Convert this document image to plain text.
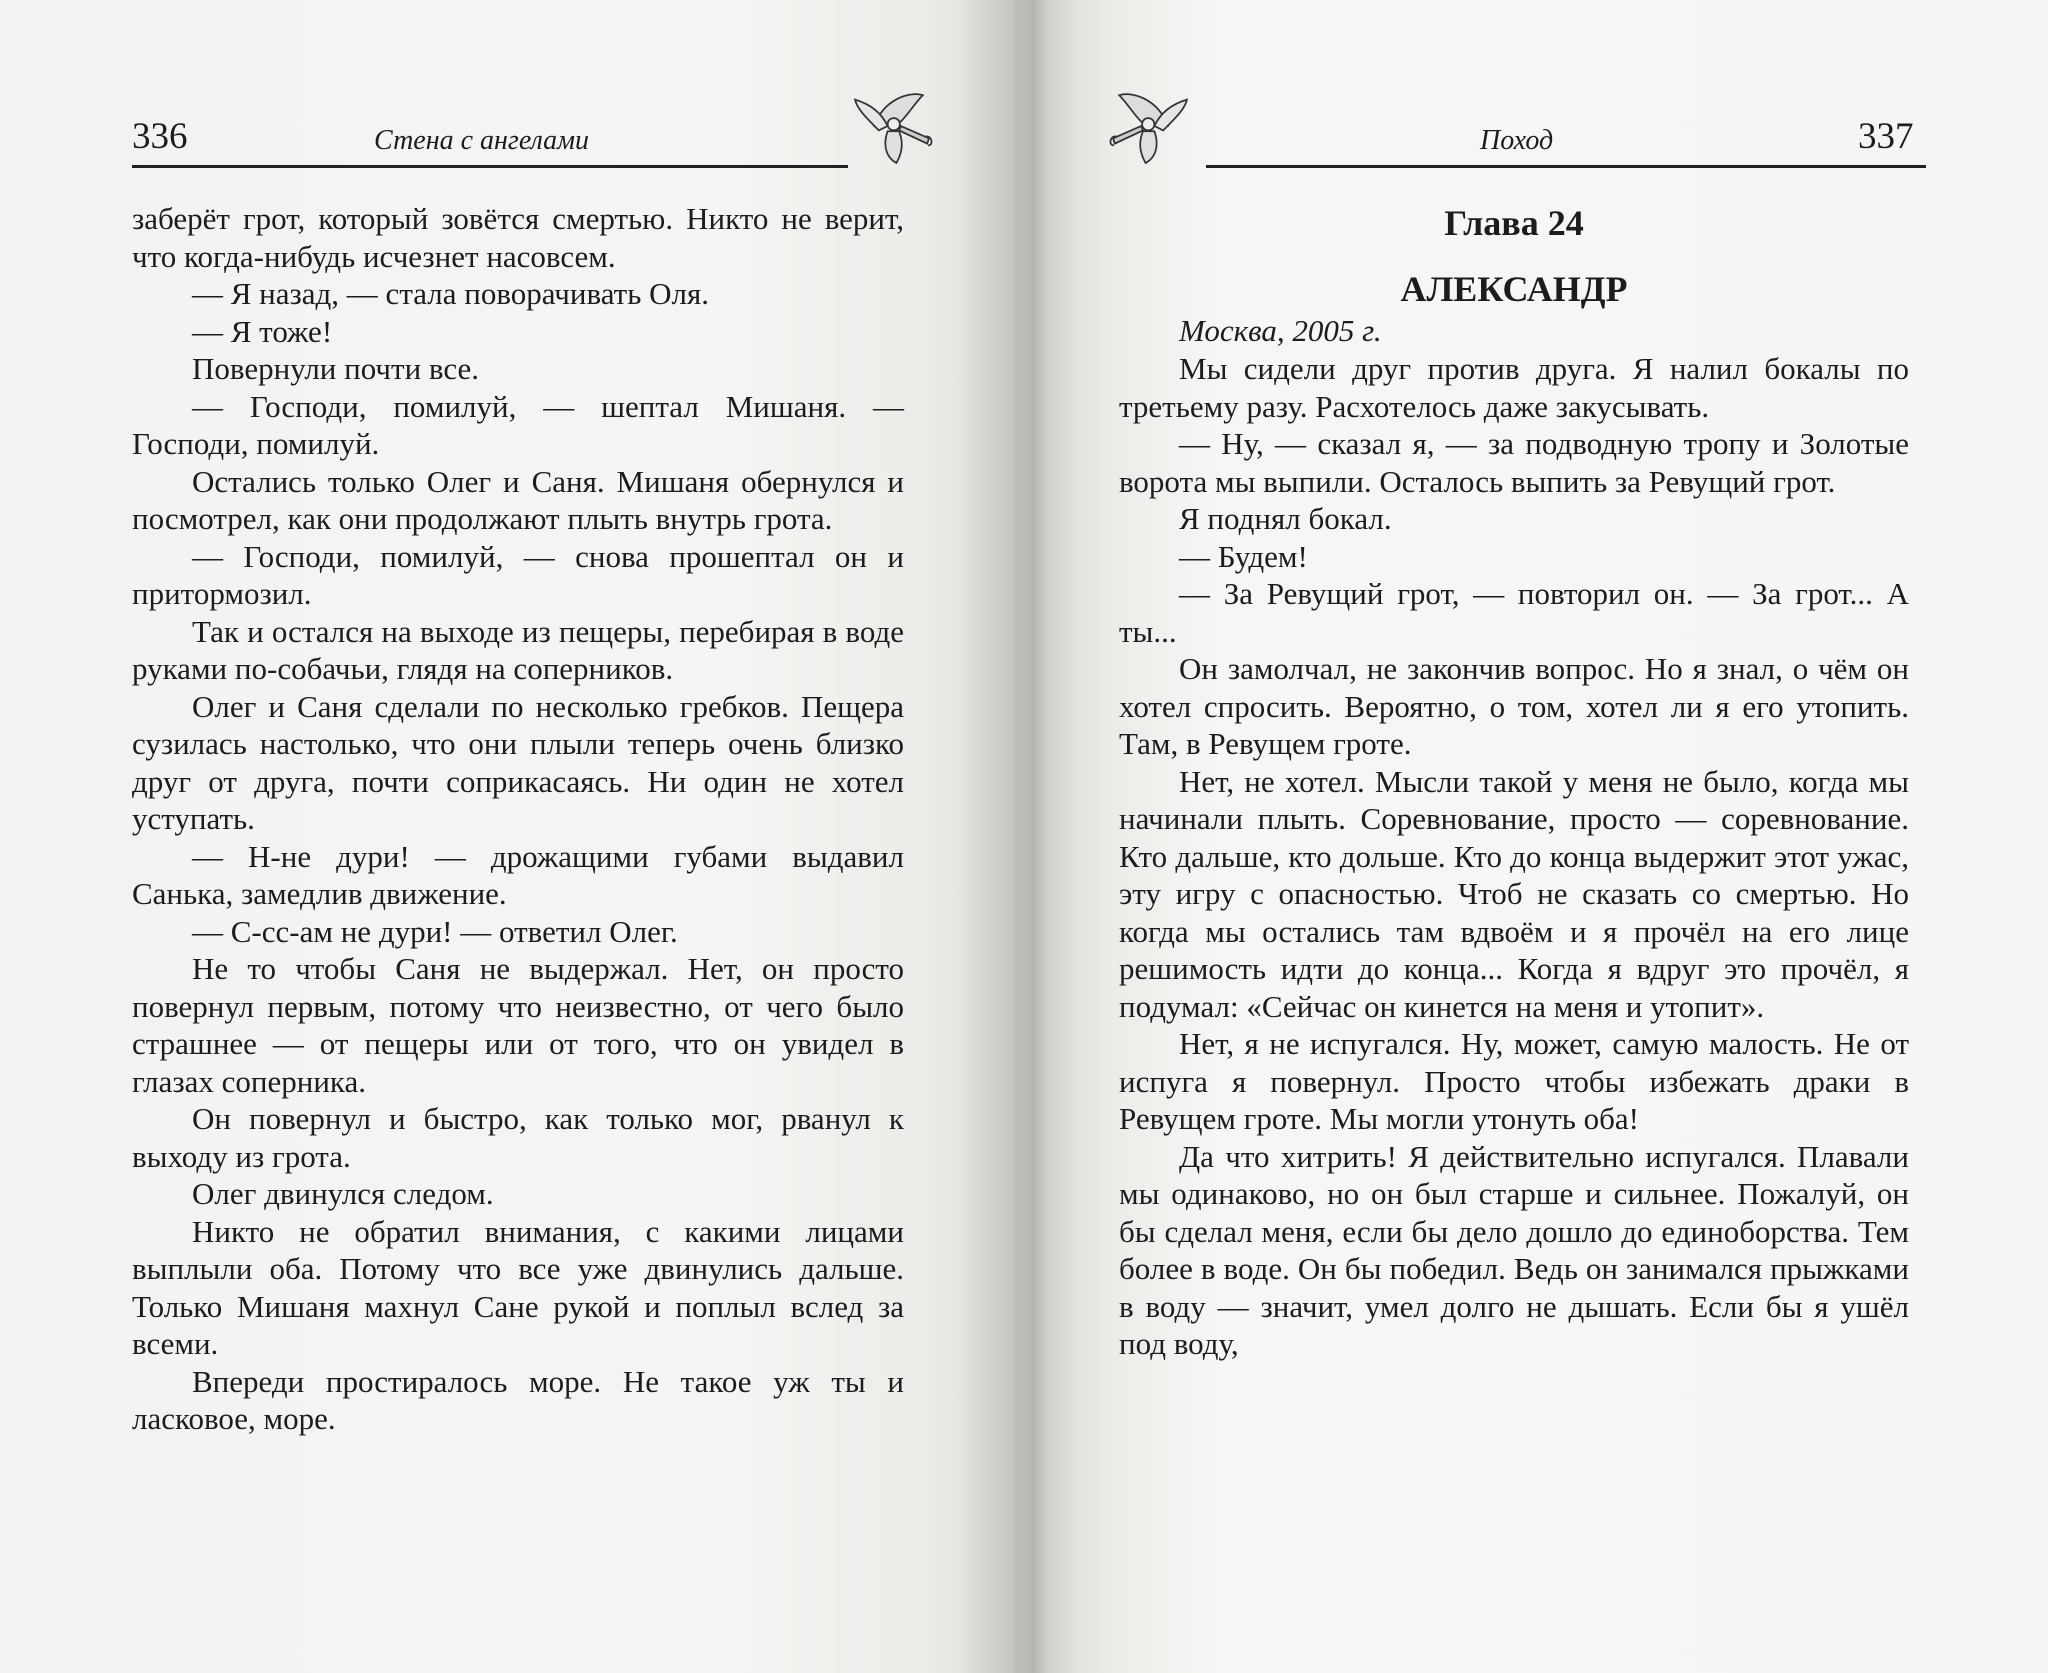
336	Стена с ангелами

заберёт грот, который зовётся смертью. Никто не верит, что когда-нибудь исчезнет насовсем.

— Я назад, — стала поворачивать Оля.

— Я тоже!

Повернули почти все.

— Господи, помилуй, — шептал Мишаня. — Господи, помилуй.

Остались только Олег и Саня. Мишаня обернулся и посмотрел, как они продолжают плыть внутрь грота.

— Господи, помилуй, — снова прошептал он и притормозил.

Так и остался на выходе из пещеры, перебирая в воде руками по-собачьи, глядя на соперников.

Олег и Саня сделали по несколько гребков. Пещера сузилась настолько, что они плыли теперь очень близко друг от друга, почти соприкасаясь. Ни один не хотел уступать.

— Н-не дури! — дрожащими губами выдавил Санька, замедлив движение.

— С-сс-ам не дури! — ответил Олег.

Не то чтобы Саня не выдержал. Нет, он просто повернул первым, потому что неизвестно, от чего было страшнее — от пещеры или от того, что он увидел в глазах соперника.

Он повернул и быстро, как только мог, рванул к выходу из грота.

Олег двинулся следом.

Никто не обратил внимания, с какими лицами выплыли оба. Потому что все уже двинулись дальше. Только Мишаня махнул Сане рукой и поплыл вслед за всеми.

Впереди простиралось море. Не такое уж ты и ласковое, море.

Поход	337
Глава 24
АЛЕКСАНДР

Москва, 2005 г.

Мы сидели друг против друга. Я налил бокалы по третьему разу. Расхотелось даже закусывать.

— Ну, — сказал я, — за подводную тропу и Золотые ворота мы выпили. Осталось выпить за Ревущий грот.

Я поднял бокал.

— Будем!

— За Ревущий грот, — повторил он. — За грот... А ты...

Он замолчал, не закончив вопрос. Но я знал, о чём он хотел спросить. Вероятно, о том, хотел ли я его утопить. Там, в Ревущем гроте.

Нет, не хотел. Мысли такой у меня не было, когда мы начинали плыть. Соревнование, просто — соревнование. Кто дальше, кто дольше. Кто до конца выдержит этот ужас, эту игру с опасностью. Чтоб не сказать со смертью. Но когда мы остались там вдвоём и я прочёл на его лице решимость идти до конца... Когда я вдруг это прочёл, я подумал: «Сейчас он кинется на меня и утопит».

Нет, я не испугался. Ну, может, самую малость. Не от испуга я повернул. Просто чтобы избежать драки в Ревущем гроте. Мы могли утонуть оба!

Да что хитрить! Я действительно испугался. Плавали мы одинаково, но он был старше и сильнее. Пожалуй, он бы сделал меня, если бы дело дошло до единоборства. Тем более в воде. Он бы победил. Ведь он занимался прыжками в воду — значит, умел долго не дышать. Если бы я ушёл под воду,
